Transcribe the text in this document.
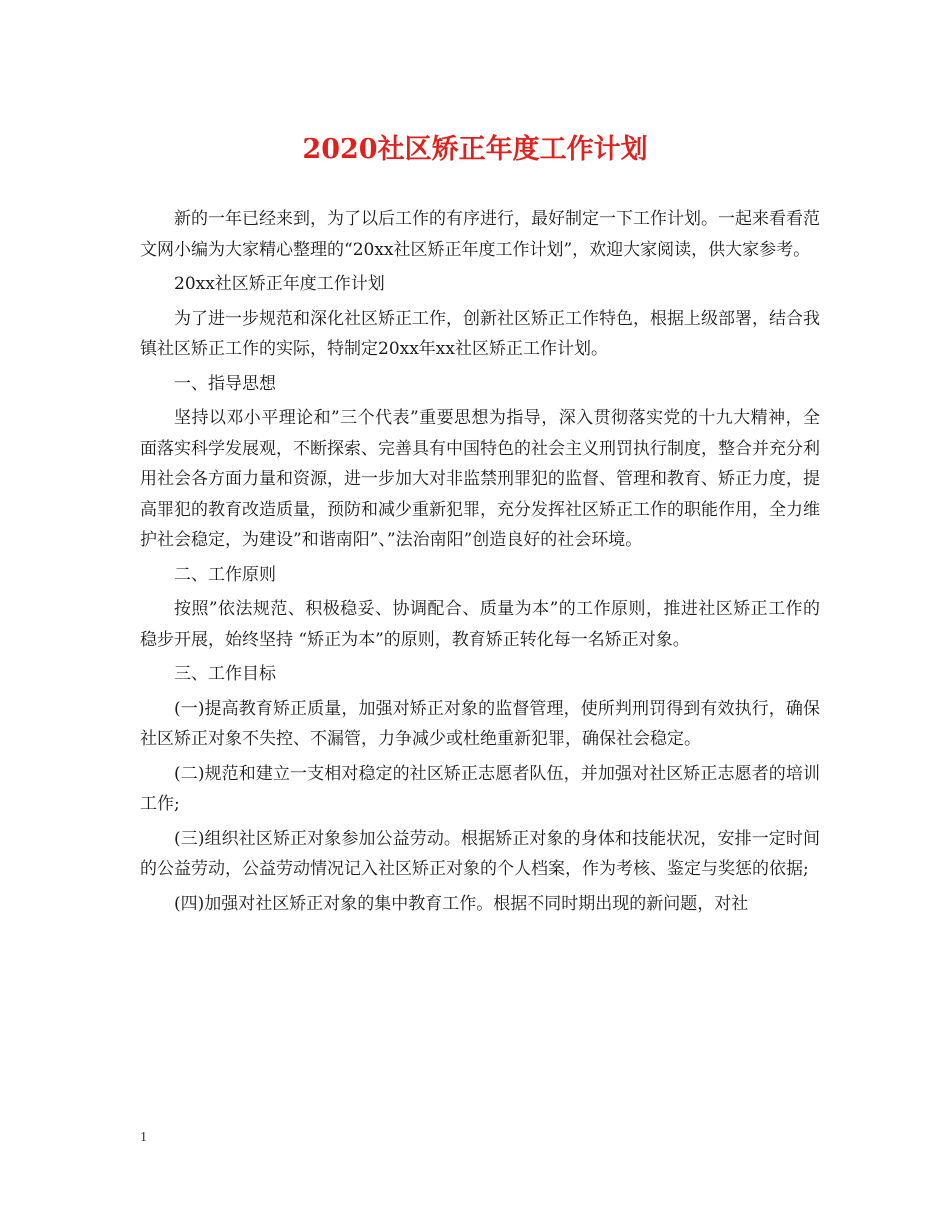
2020社区矫正年度工作计划

新的一年已经来到，为了以后工作的有序进行，最好制定一下工作计划。一起来看看范文网小编为大家精心整理的“20xx社区矫正年度工作计划”，欢迎大家阅读，供大家参考。

20xx社区矫正年度工作计划

为了进一步规范和深化社区矫正工作，创新社区矫正工作特色，根据上级部署，结合我镇社区矫正工作的实际，特制定20xx年xx社区矫正工作计划。

一、指导思想

坚持以邓小平理论和”三个代表”重要思想为指导，深入贯彻落实党的十九大精神，全面落实科学发展观，不断探索、完善具有中国特色的社会主义刑罚执行制度，整合并充分利用社会各方面力量和资源，进一步加大对非监禁刑罪犯的监督、管理和教育、矫正力度，提高罪犯的教育改造质量，预防和减少重新犯罪，充分发挥社区矫正工作的职能作用，全力维护社会稳定，为建设”和谐南阳”、”法治南阳”创造良好的社会环境。

二、工作原则

按照”依法规范、积极稳妥、协调配合、质量为本”的工作原则，推进社区矫正工作的稳步开展，始终坚持 “矫正为本”的原则，教育矫正转化每一名矫正对象。

三、工作目标

(一)提高教育矫正质量，加强对矫正对象的监督管理，使所判刑罚得到有效执行，确保社区矫正对象不失控、不漏管，力争减少或杜绝重新犯罪，确保社会稳定。

(二)规范和建立一支相对稳定的社区矫正志愿者队伍，并加强对社区矫正志愿者的培训工作;

(三)组织社区矫正对象参加公益劳动。根据矫正对象的身体和技能状况，安排一定时间的公益劳动，公益劳动情况记入社区矫正对象的个人档案，作为考核、鉴定与奖惩的依据;

(四)加强对社区矫正对象的集中教育工作。根据不同时期出现的新问题，对社

1
